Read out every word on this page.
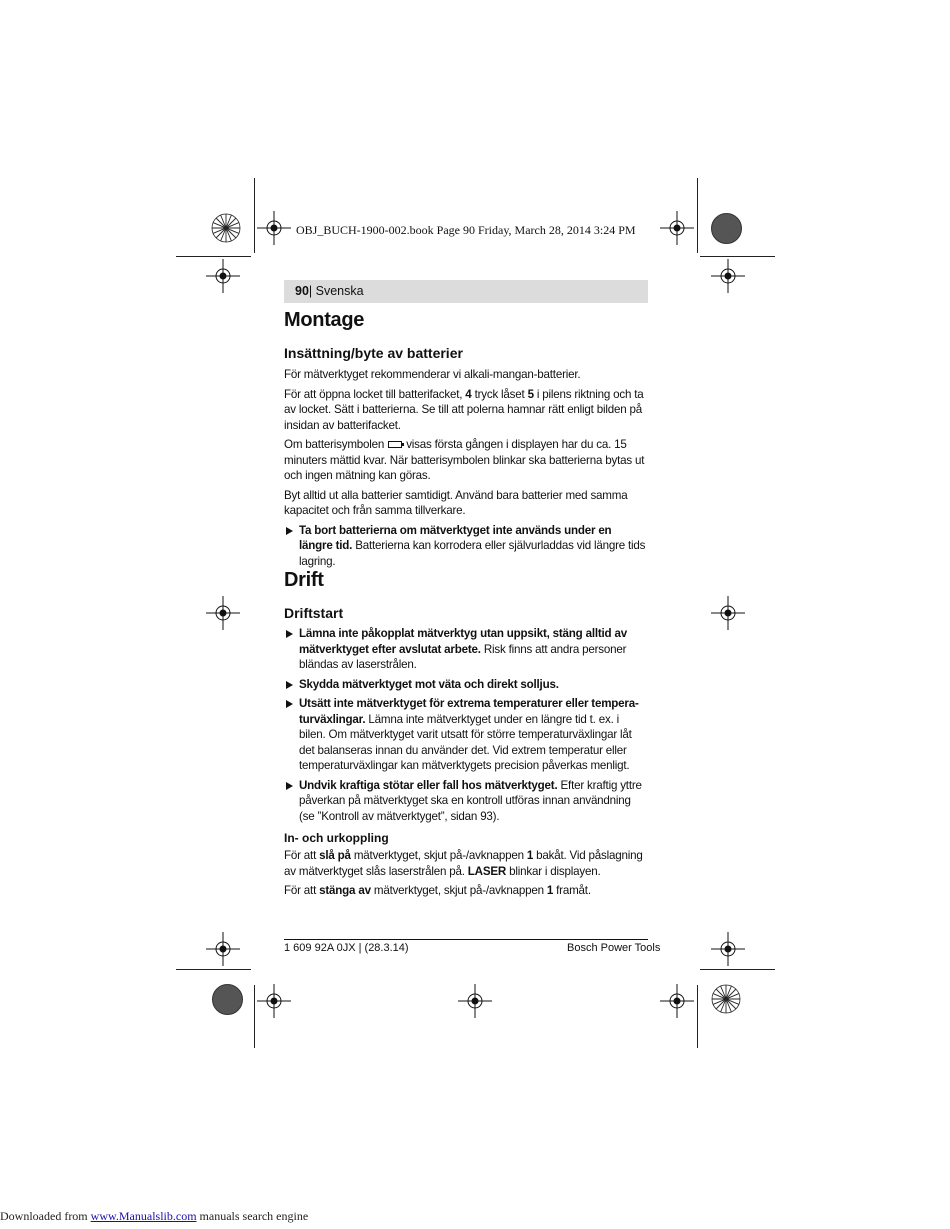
OBJ_BUCH-1900-002.book Page 90 Friday, March 28, 2014 3:24 PM
90| Svenska
Montage
Insättning/byte av batterier

För mätverktyget rekommenderar vi alkali-mangan-batterier.

För att öppna locket till batterifacket, 4 tryck låset 5 i pilens riktning och ta av locket. Sätt i batterierna. Se till att polerna hamnar rätt enligt bilden på insidan av batterifacket.

Om batterisymbolen visas första gången i displayen har du ca. 15 minuters mättid kvar. När batterisymbolen blinkar ska batterierna bytas ut och ingen mätning kan göras.

Byt alltid ut alla batterier samtidigt. Använd bara batterier med samma kapacitet och från samma tillverkare.

Ta bort batterierna om mätverktyget inte används under en längre tid. Batterierna kan korrodera eller självurladdas vid längre tids lagring.

Drift
Driftstart

Lämna inte påkopplat mätverktyg utan uppsikt, stäng alltid av mätverktyget efter avslutat arbete. Risk finns att andra personer bländas av laserstrålen.

Skydda mätverktyget mot väta och direkt solljus.

Utsätt inte mätverktyget för extrema temperaturer eller tempera-turväxlingar. Lämna inte mätverktyget under en längre tid t. ex. i bilen. Om mätverktyget varit utsatt för större temperaturväxlingar låt det balanseras innan du använder det. Vid extrem temperatur eller temperaturväxlingar kan mätverktygets precision påverkas menligt.

Undvik kraftiga stötar eller fall hos mätverktyget. Efter kraftig yttre påverkan på mätverktyget ska en kontroll utföras innan användning (se ”Kontroll av mätverktyget”, sidan 93).

In- och urkoppling

För att slå på mätverktyget, skjut på-/avknappen 1 bakåt. Vid påslagning av mätverktyget slås laserstrålen på. LASER blinkar i displayen.

För att stänga av mätverktyget, skjut på-/avknappen 1 framåt.

1 609 92A 0JX | (28.3.14)	Bosch Power Tools
Downloaded from www.Manualslib.com manuals search engine
